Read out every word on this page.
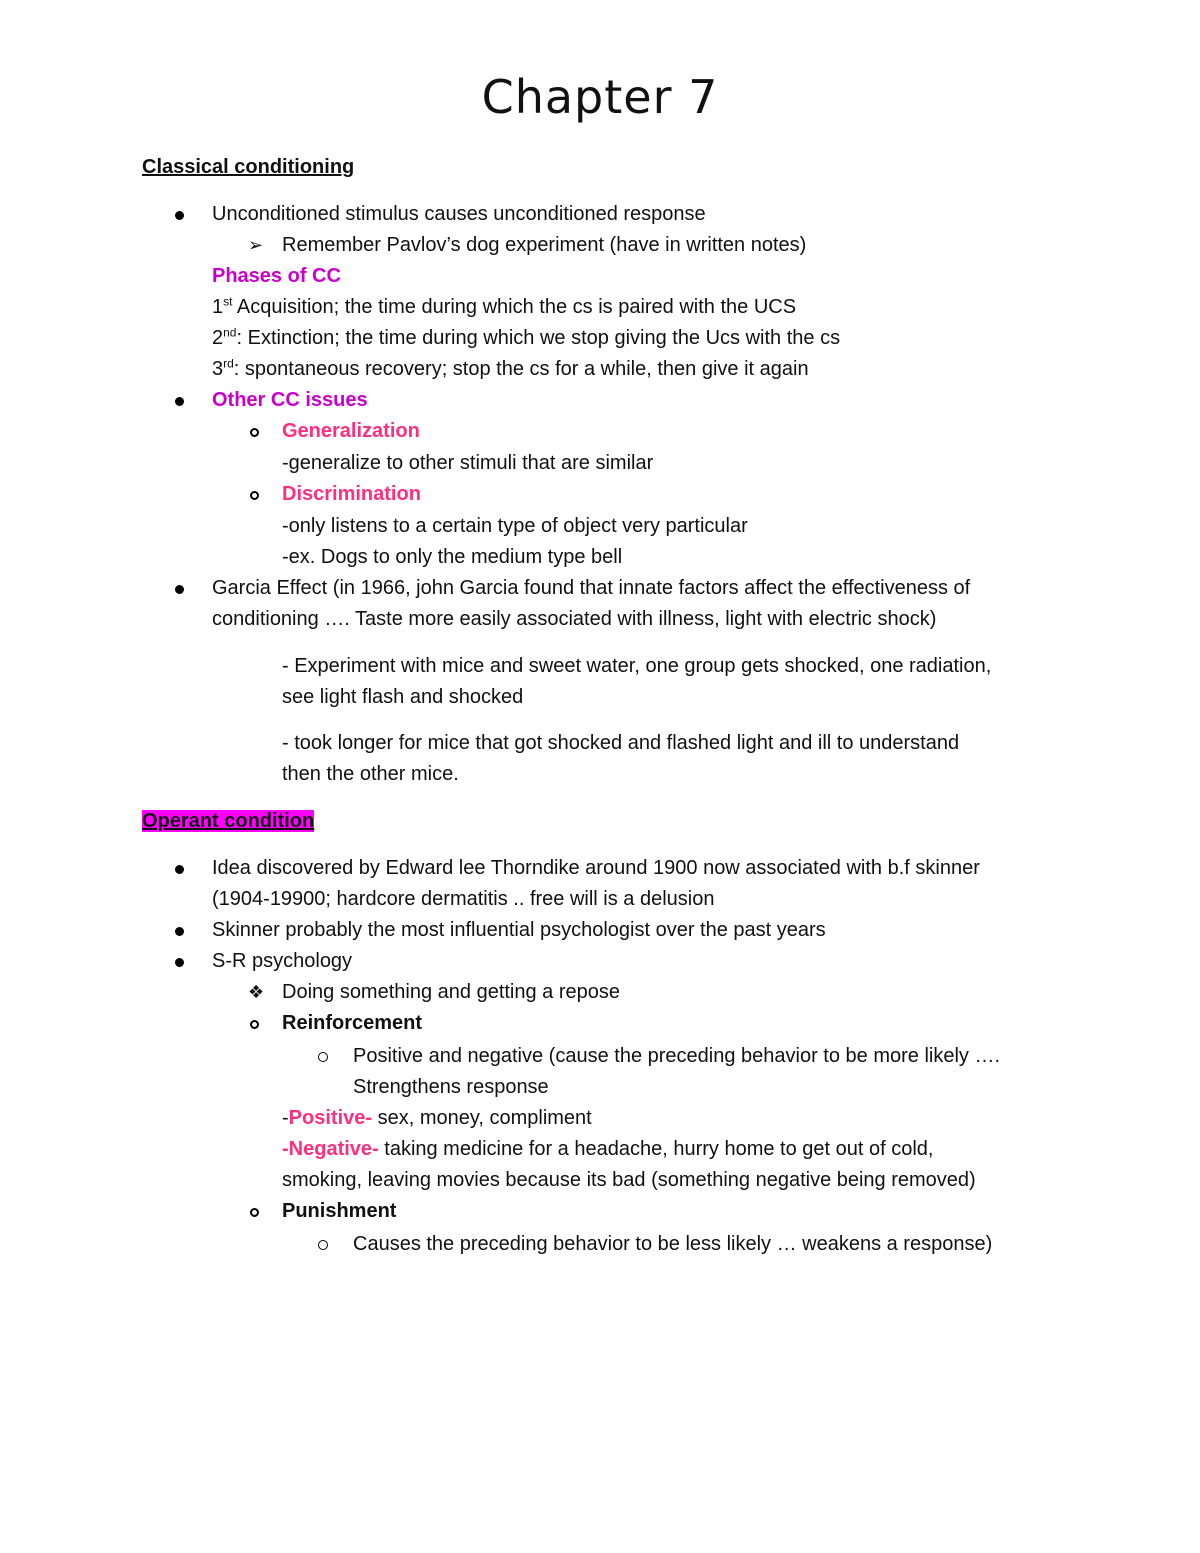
Chapter 7
Classical conditioning
Unconditioned stimulus causes unconditioned response
➢ Remember Pavlov’s dog experiment (have in written notes)
Phases of CC
1st Acquisition; the time during which the cs is paired with the UCS
2nd: Extinction; the time during which we stop giving the Ucs with the cs
3rd: spontaneous recovery; stop the cs for a while, then give it again
Other CC issues
Generalization
-generalize to other stimuli that are similar
Discrimination
-only listens to a certain type of object very particular
-ex. Dogs to only the medium type bell
Garcia Effect (in 1966, john Garcia found that innate factors affect the effectiveness of
conditioning …. Taste more easily associated with illness, light with electric shock)
- Experiment with mice and sweet water, one group gets shocked, one radiation,
see light flash and shocked
- took longer for mice that got shocked and flashed light and ill to understand
then the other mice.
Operant condition
Idea discovered by Edward lee Thorndike around 1900 now associated with b.f skinner
(1904-19900; hardcore dermatitis .. free will is a delusion
Skinner probably the most influential psychologist over the past years
S-R psychology
❖ Doing something and getting a repose
Reinforcement
Positive and negative (cause the preceding behavior to be more likely ….
Strengthens response
-Positive- sex, money, compliment
-Negative- taking medicine for a headache, hurry home to get out of cold,
smoking, leaving movies because its bad (something negative being removed)
Punishment
Causes the preceding behavior to be less likely … weakens a response)
